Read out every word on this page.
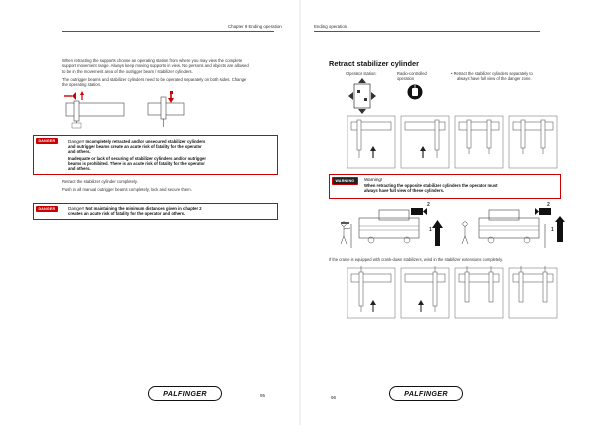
Chapter 9 Ending operation
When retracting the supports choose an operating station from where you may view the complete
support movement range. Always keep moving supports in view. No persons and objects are allowed
to be in the movement area of the outrigger beam / stabilizer cylinders.
The outrigger beams and stabilizer cylinders need to be operated separately on both sides. Change
the operating station.
DANGER	Danger! Incompletely retracted and/or unsecured stabilizer cylinders
and outrigger beams create an acute risk of fatality for the operator
and others.
Inadequate or lack of securing of stabilizer cylinders and/or outrigger
beams is prohibited. There is an acute risk of fatality for the operator
and others.
Retract the stabilizer cylinder completely.
Push in all manual outrigger beams completely, lock and secure them.
DANGER	Danger! Not maintaining the minimum distances given in chapter 2
creates an acute risk of fatality for the operator and others.
PALFINGER	95
Ending operation
Retract stabilizer cylinder
Operator station:	Radio-controlled
operation
• Retract the stabilizer cylinders separately to
always have full view of the danger zone.
WARNING	Warning!
When retracting the opposite stabilizer cylinders the operator must
always have full view of these cylinders.
2	2
1	1
If the crane is equipped with crank-down stabilizers, wind in the stabilizer extensions completely.
96	PALFINGER
